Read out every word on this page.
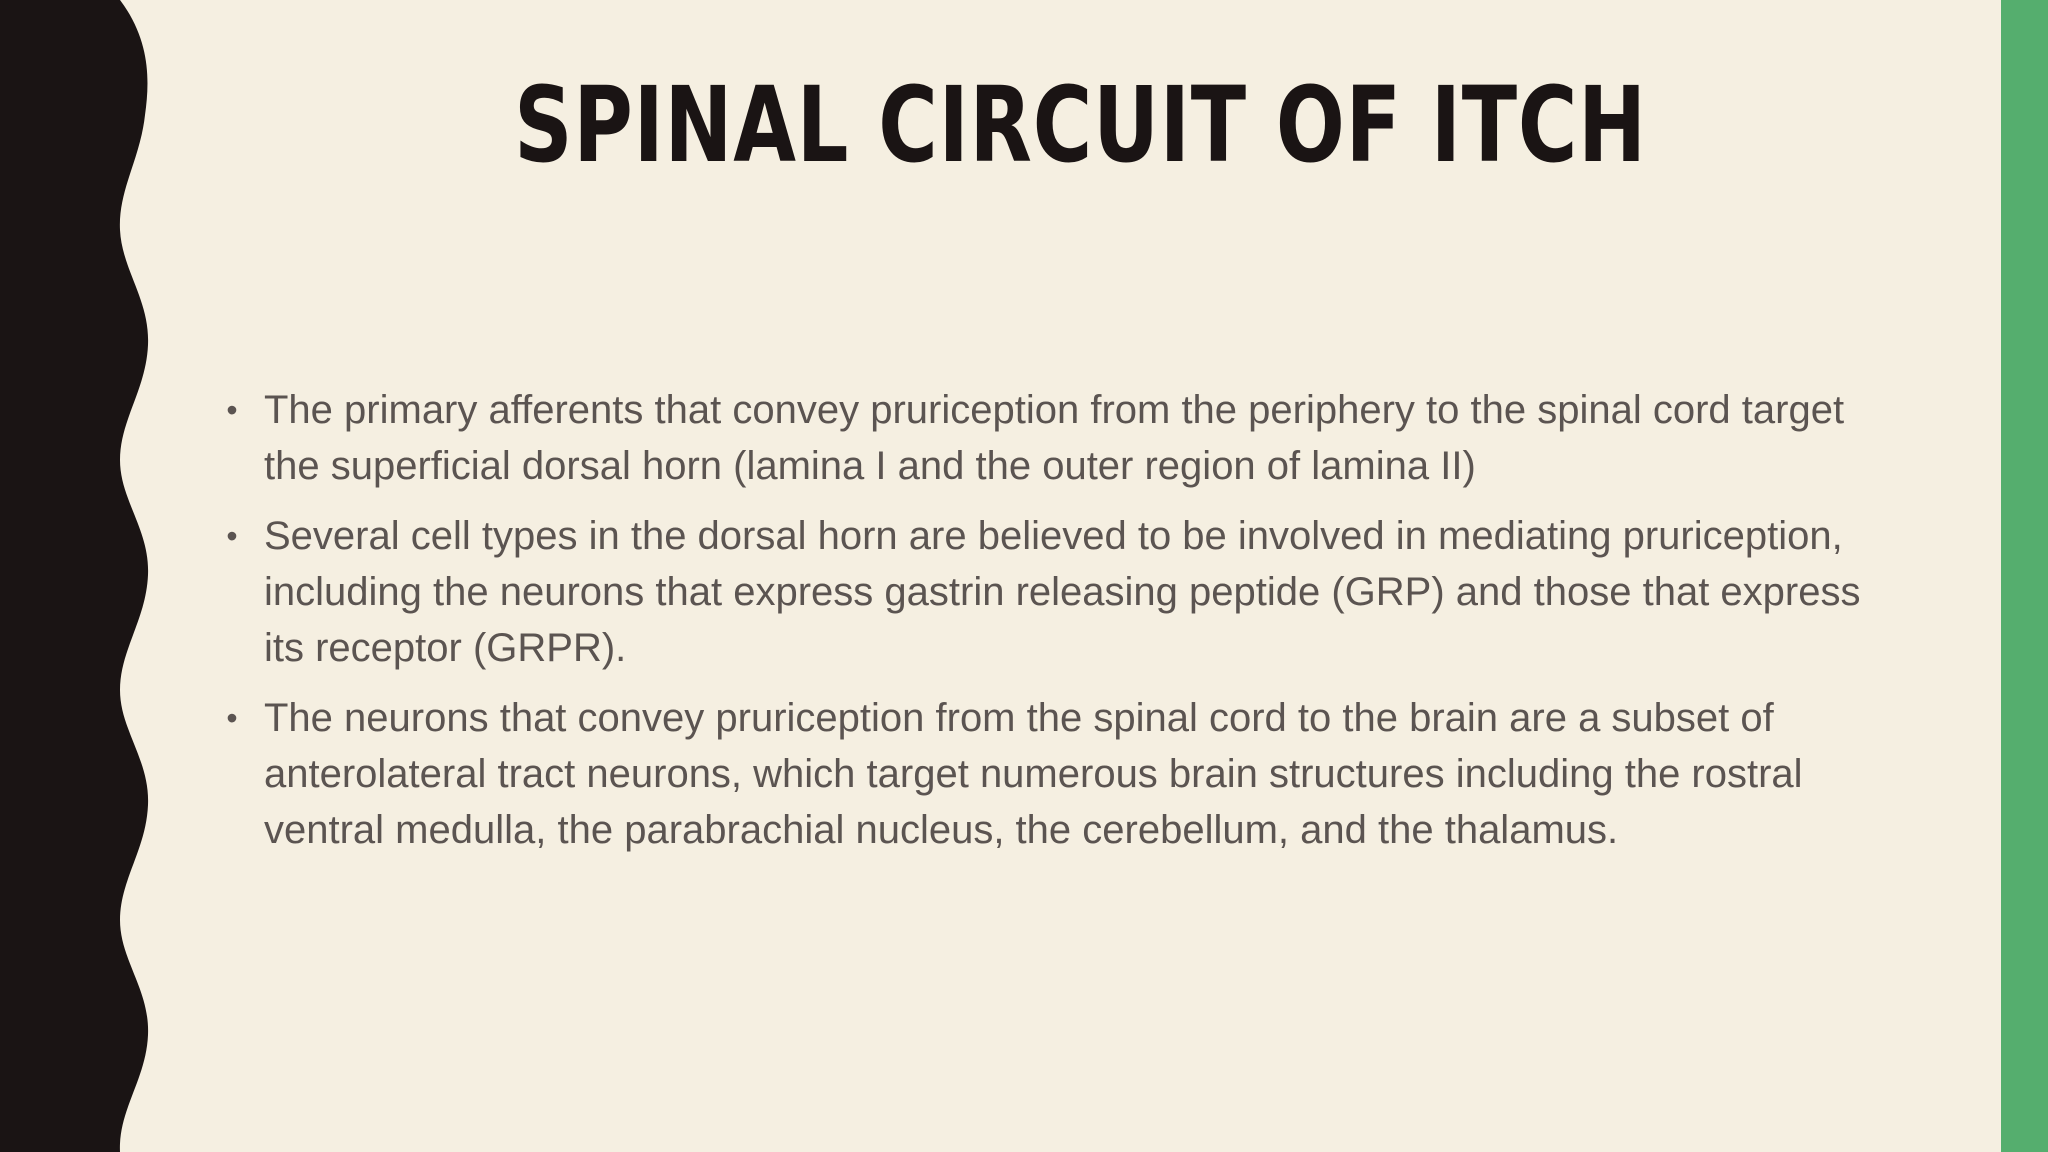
SPINAL CIRCUIT OF ITCH
• The primary afferents that convey pruriception from the periphery to the spinal cord target the superficial dorsal horn (lamina I and the outer region of lamina II)
• Several cell types in the dorsal horn are believed to be involved in mediating pruriception, including the neurons that express gastrin releasing peptide (GRP) and those that express its receptor (GRPR).
• The neurons that convey pruriception from the spinal cord to the brain are a subset of anterolateral tract neurons, which target numerous brain structures including the rostral ventral medulla, the parabrachial nucleus, the cerebellum, and the thalamus.
